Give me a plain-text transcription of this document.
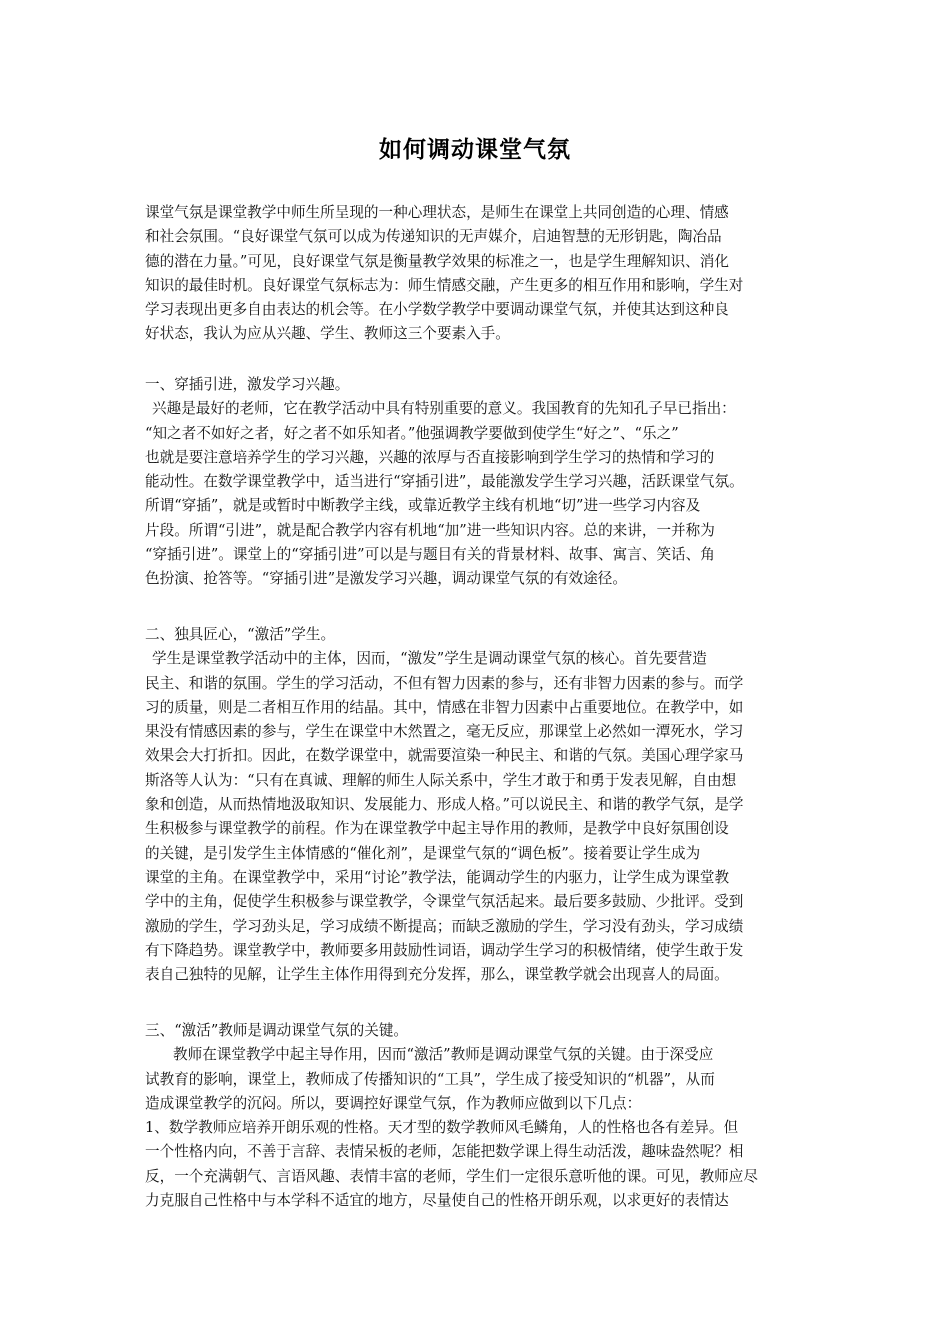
如何调动课堂气氛
课堂气氛是课堂教学中师生所呈现的一种心理状态，是师生在课堂上共同创造的心理、情感
和社会氛围。“良好课堂气氛可以成为传递知识的无声媒介，启迪智慧的无形钥匙，陶冶品
德的潜在力量。”可见，良好课堂气氛是衡量教学效果的标准之一，也是学生理解知识、消化
知识的最佳时机。良好课堂气氛标志为：师生情感交融，产生更多的相互作用和影响，学生对
学习表现出更多自由表达的机会等。在小学数学教学中要调动课堂气氛，并使其达到这种良
好状态，我认为应从兴趣、学生、教师这三个要素入手。
一、穿插引进，激发学习兴趣。
兴趣是最好的老师，它在教学活动中具有特别重要的意义。我国教育的先知孔子早已指出：
“知之者不如好之者，好之者不如乐知者。”他强调教学要做到使学生“好之”、“乐之”
也就是要注意培养学生的学习兴趣，兴趣的浓厚与否直接影响到学生学习的热情和学习的
能动性。在数学课堂教学中，适当进行“穿插引进”，最能激发学生学习兴趣，活跃课堂气氛。
所谓“穿插”，就是或暂时中断教学主线，或靠近教学主线有机地“切”进一些学习内容及
片段。所谓“引进”，就是配合教学内容有机地“加”进一些知识内容。总的来讲，一并称为
“穿插引进”。课堂上的“穿插引进”可以是与题目有关的背景材料、故事、寓言、笑话、角
色扮演、抢答等。“穿插引进”是激发学习兴趣，调动课堂气氛的有效途径。
二、独具匠心，“激活”学生。
学生是课堂教学活动中的主体，因而，“激发”学生是调动课堂气氛的核心。首先要营造
民主、和谐的氛围。学生的学习活动，不但有智力因素的参与，还有非智力因素的参与。而学
习的质量，则是二者相互作用的结晶。其中，情感在非智力因素中占重要地位。在教学中，如
果没有情感因素的参与，学生在课堂中木然置之，毫无反应，那课堂上必然如一潭死水，学习
效果会大打折扣。因此，在数学课堂中，就需要渲染一种民主、和谐的气氛。美国心理学家马
斯洛等人认为：“只有在真诚、理解的师生人际关系中，学生才敢于和勇于发表见解，自由想
象和创造，从而热情地汲取知识、发展能力、形成人格。”可以说民主、和谐的教学气氛，是学
生积极参与课堂教学的前程。作为在课堂教学中起主导作用的教师，是教学中良好氛围创设
的关键，是引发学生主体情感的“催化剂”，是课堂气氛的“调色板”。接着要让学生成为
课堂的主角。在课堂教学中，采用“讨论”教学法，能调动学生的内驱力，让学生成为课堂教
学中的主角，促使学生积极参与课堂教学，令课堂气氛活起来。最后要多鼓励、少批评。受到
激励的学生，学习劲头足，学习成绩不断提高；而缺乏激励的学生，学习没有劲头，学习成绩
有下降趋势。课堂教学中，教师要多用鼓励性词语，调动学生学习的积极情绪，使学生敢于发
表自己独特的见解，让学生主体作用得到充分发挥，那么，课堂教学就会出现喜人的局面。
三、“激活”教师是调动课堂气氛的关键。
教师在课堂教学中起主导作用，因而“激活”教师是调动课堂气氛的关键。由于深受应
试教育的影响，课堂上，教师成了传播知识的“工具”，学生成了接受知识的“机器”，从而
造成课堂教学的沉闷。所以，要调控好课堂气氛，作为教师应做到以下几点：
1、数学教师应培养开朗乐观的性格。天才型的数学教师风毛鳞角，人的性格也各有差异。但
一个性格内向，不善于言辞、表情呆板的老师，怎能把数学课上得生动活泼，趣味盎然呢？相
反，一个充满朝气、言语风趣、表情丰富的老师，学生们一定很乐意听他的课。可见，教师应尽
力克服自己性格中与本学科不适宜的地方，尽量使自己的性格开朗乐观，以求更好的表情达
